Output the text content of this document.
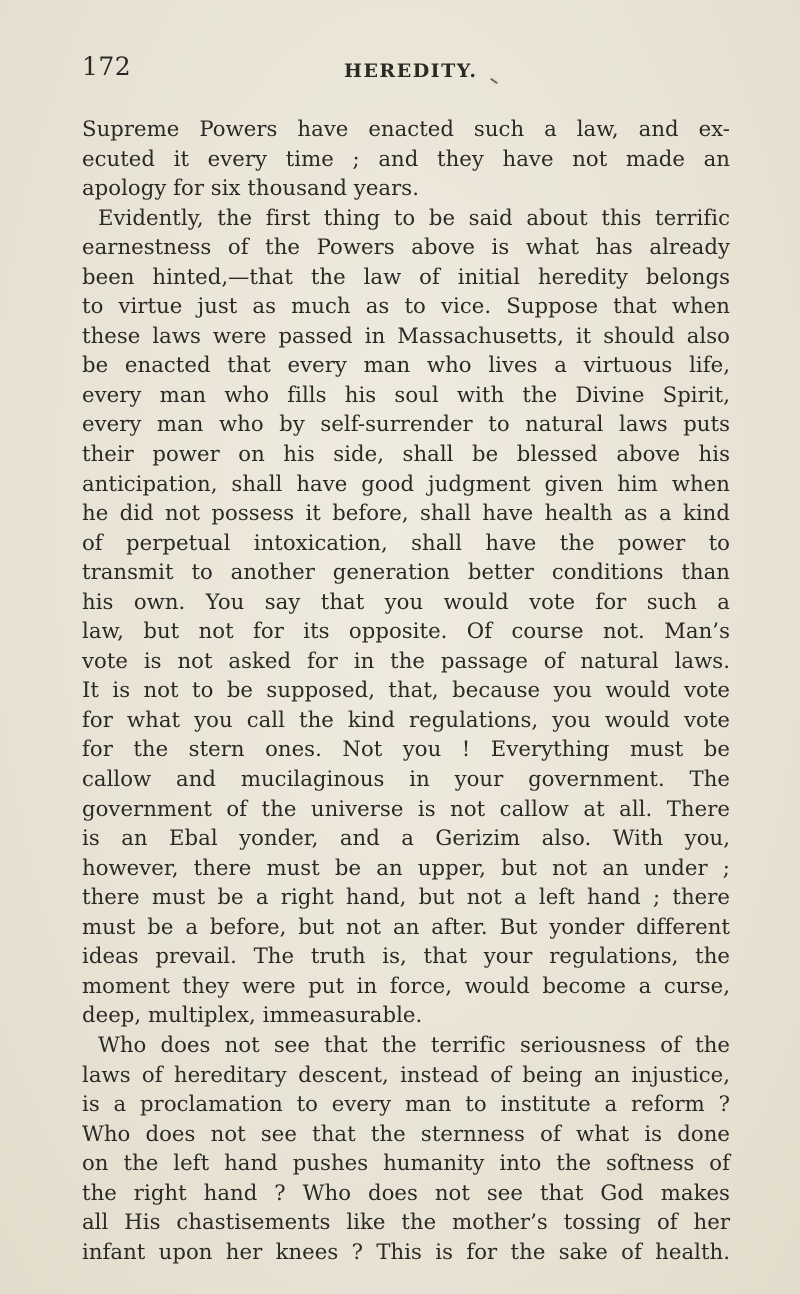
172	HEREDITY.
Supreme Powers have enacted such a law, and ex-
ecuted it every time ; and they have not made an
apology for six thousand years.
Evidently, the first thing to be said about this terrific
earnestness of the Powers above is what has already
been hinted,—that the law of initial heredity belongs
to virtue just as much as to vice. Suppose that when
these laws were passed in Massachusetts, it should also
be enacted that every man who lives a virtuous life,
every man who fills his soul with the Divine Spirit,
every man who by self-surrender to natural laws puts
their power on his side, shall be blessed above his
anticipation, shall have good judgment given him when
he did not possess it before, shall have health as a kind
of perpetual intoxication, shall have the power to
transmit to another generation better conditions than
his own. You say that you would vote for such a
law, but not for its opposite. Of course not. Man’s
vote is not asked for in the passage of natural laws.
It is not to be supposed, that, because you would vote
for what you call the kind regulations, you would vote
for the stern ones. Not you ! Everything must be
callow and mucilaginous in your government. The
government of the universe is not callow at all. There
is an Ebal yonder, and a Gerizim also. With you,
however, there must be an upper, but not an under ;
there must be a right hand, but not a left hand ; there
must be a before, but not an after. But yonder different
ideas prevail. The truth is, that your regulations, the
moment they were put in force, would become a curse,
deep, multiplex, immeasurable.
Who does not see that the terrific seriousness of the
laws of hereditary descent, instead of being an injustice,
is a proclamation to every man to institute a reform ?
Who does not see that the sternness of what is done
on the left hand pushes humanity into the softness of
the right hand ? Who does not see that God makes
all His chastisements like the mother’s tossing of her
infant upon her knees ? This is for the sake of health.
